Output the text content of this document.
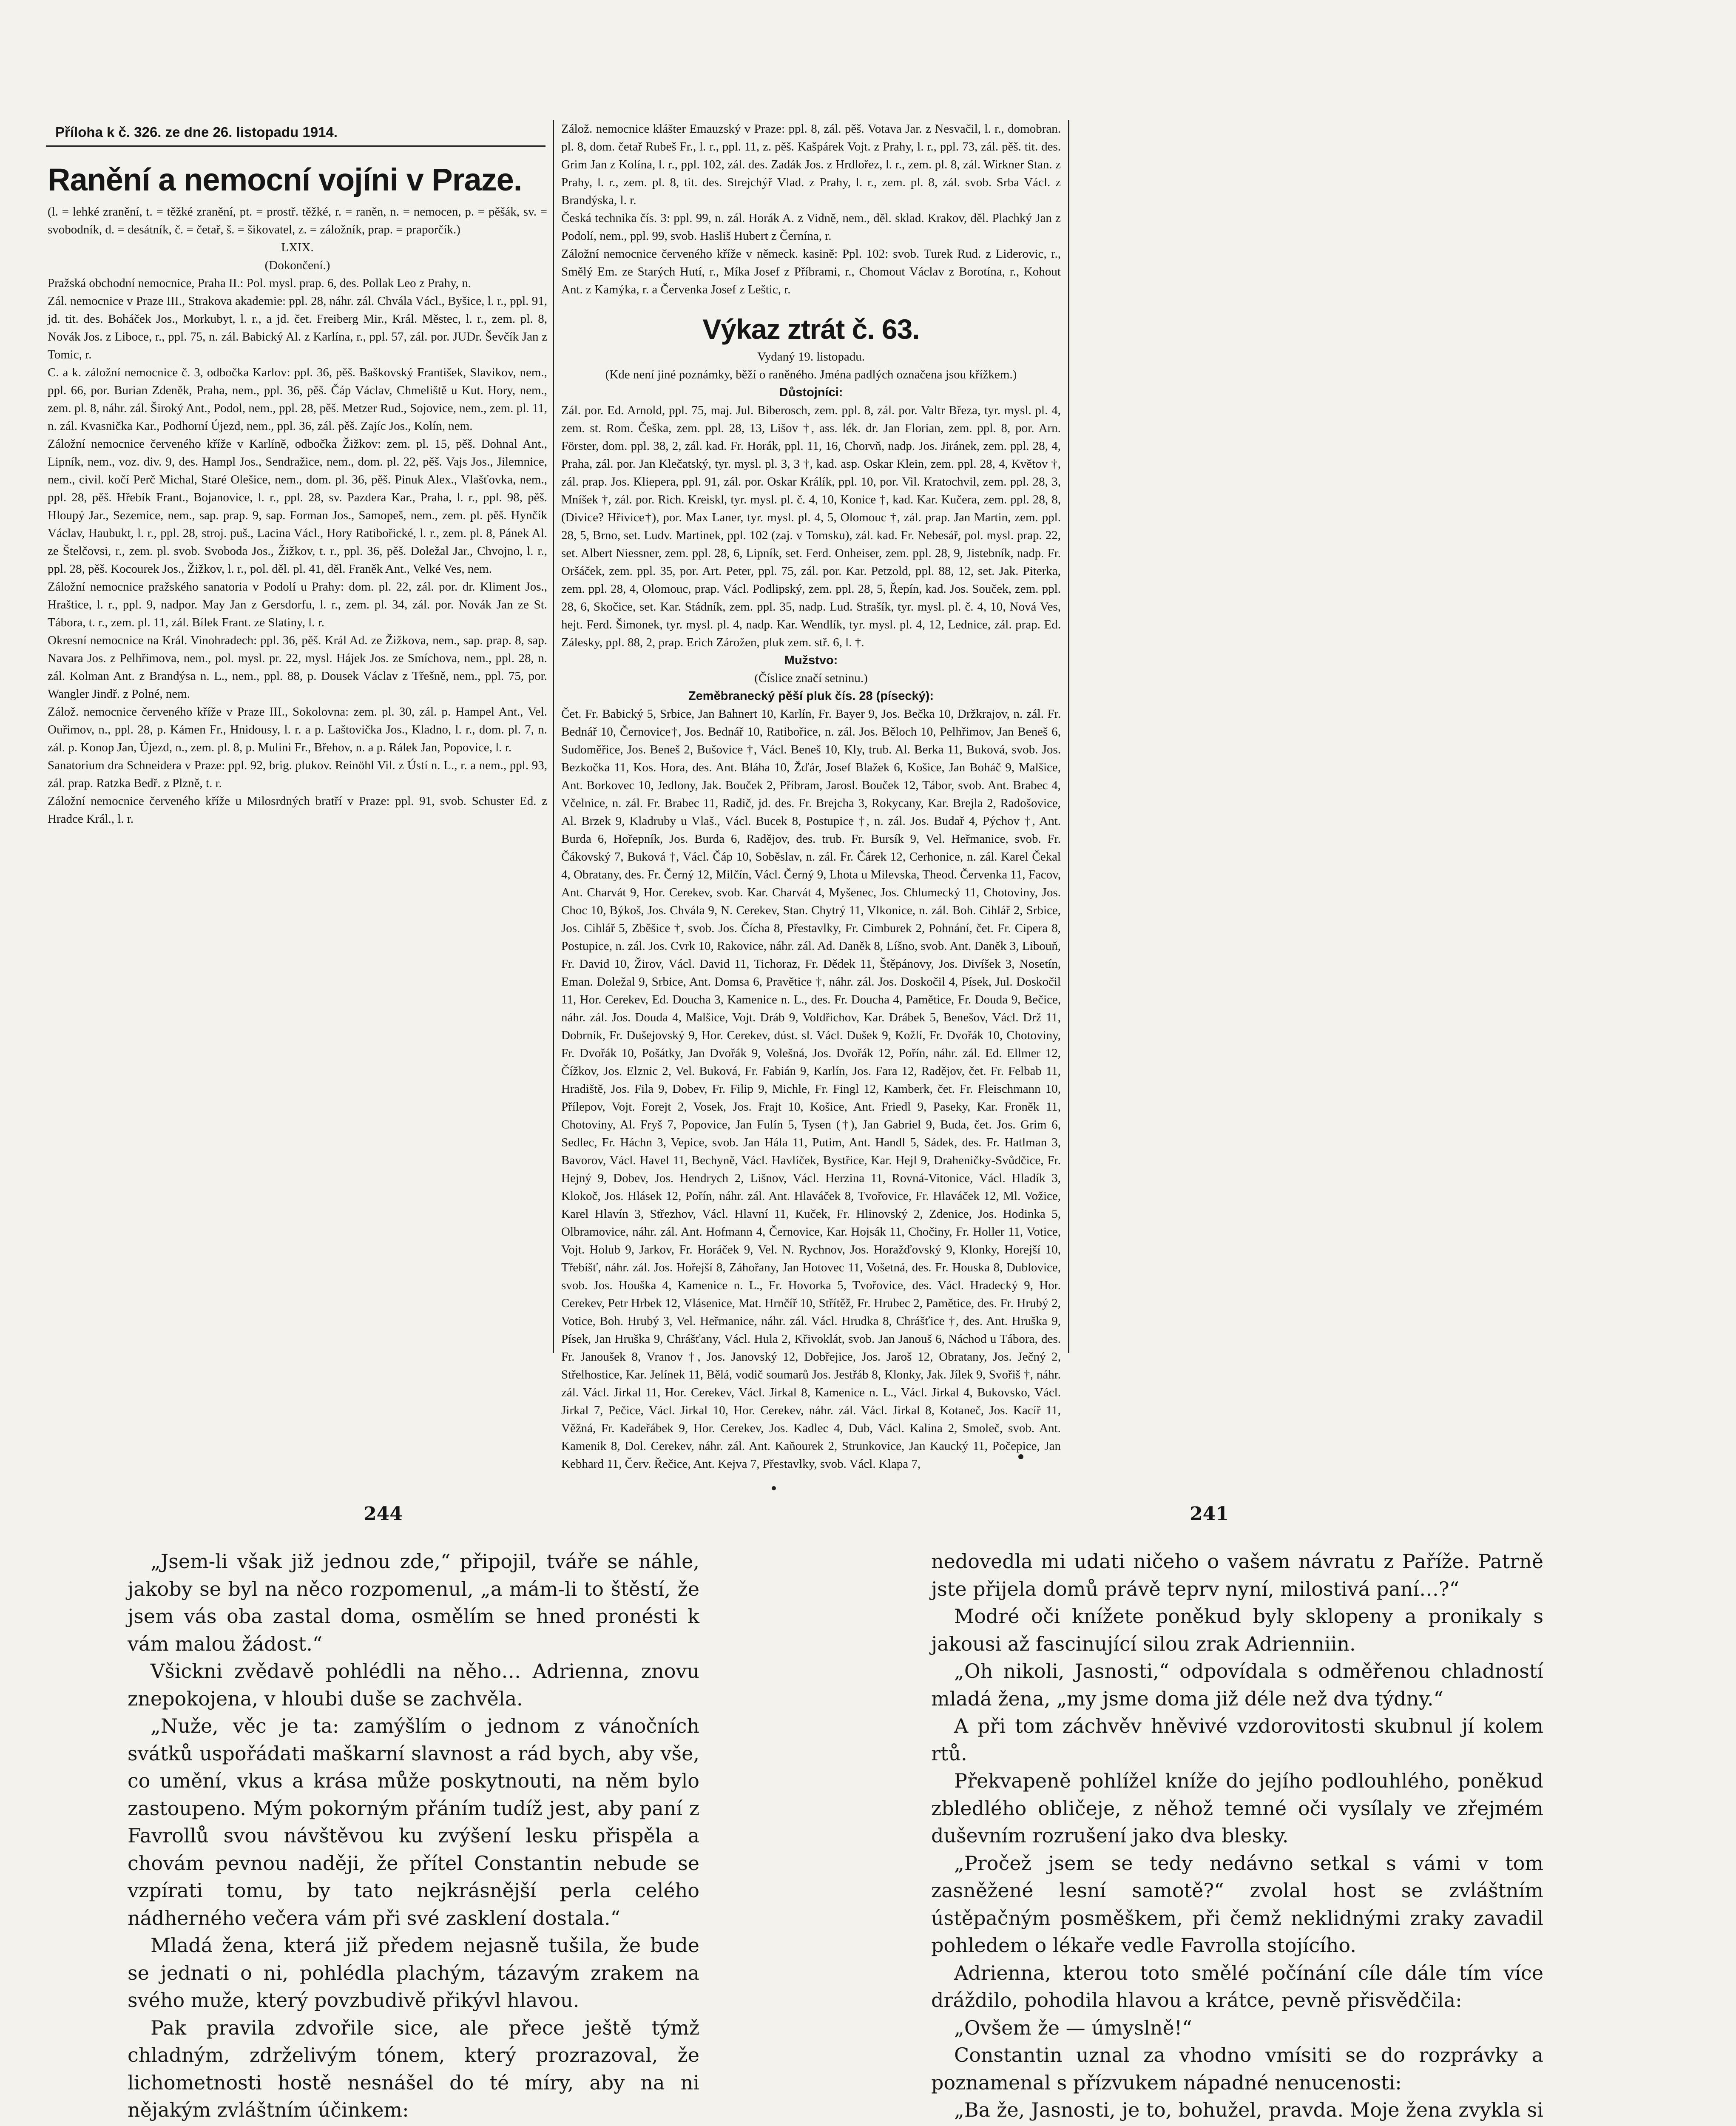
Příloha k č. 326. ze dne 26. listopadu 1914.
Ranění a nemocní vojíni v Praze.
(l. = lehké zranění, t. = těžké zranění, pt. = prostř. těžké, r. = raněn, n. = nemocen, p. = pěšák, sv. = svobodník, d. = desátník, č. = četař, š. = šikovatel, z. = záložník, prap. = praporčík.)
LXIX.
(Dokončení.)

Pražská obchodní nemocnice, Praha II.: Pol. mysl. prap. 6, des. Pollak Leo z Prahy, n.

Zál. nemocnice v Praze III., Strakova akademie: ppl. 28, náhr. zál. Chvála Václ., Byšice, l. r., ppl. 91, jd. tit. des. Boháček Jos., Morkubyt, l. r., a jd. čet. Freiberg Mir., Král. Městec, l. r., zem. pl. 8, Novák Jos. z Liboce, r., ppl. 75, n. zál. Babický Al. z Karlína, r., ppl. 57, zál. por. JUDr. Ševčík Jan z Tomic, r.

C. a k. záložní nemocnice č. 3, odbočka Karlov: ppl. 36, pěš. Baškovský František, Slavikov, nem., ppl. 66, por. Burian Zdeněk, Praha, nem., ppl. 36, pěš. Čáp Václav, Chmeliště u Kut. Hory, nem., zem. pl. 8, náhr. zál. Široký Ant., Podol, nem., ppl. 28, pěš. Metzer Rud., Sojovice, nem., zem. pl. 11, n. zál. Kvasnička Kar., Podhorní Újezd, nem., ppl. 36, zál. pěš. Zajíc Jos., Kolín, nem.

Záložní nemocnice červeného kříže v Karlíně, odbočka Žižkov: zem. pl. 15, pěš. Dohnal Ant., Lipník, nem., voz. div. 9, des. Hampl Jos., Sendražice, nem., dom. pl. 22, pěš. Vajs Jos., Jilemnice, nem., civil. kočí Perč Michal, Staré Olešice, nem., dom. pl. 36, pěš. Pinuk Alex., Vlašťovka, nem., ppl. 28, pěš. Hřebík Frant., Bojanovice, l. r., ppl. 28, sv. Pazdera Kar., Praha, l. r., ppl. 98, pěš. Hloupý Jar., Sezemice, nem., sap. prap. 9, sap. Forman Jos., Samopeš, nem., zem. pl. pěš. Hynčík Václav, Haubukt, l. r., ppl. 28, stroj. puš., Lacina Václ., Hory Ratibořické, l. r., zem. pl. 8, Pánek Al. ze Štelčovsi, r., zem. pl. svob. Svoboda Jos., Žižkov, t. r., ppl. 36, pěš. Doležal Jar., Chvojno, l. r., ppl. 28, pěš. Kocourek Jos., Žižkov, l. r., pol. děl. pl. 41, děl. Franěk Ant., Velké Ves, nem.

Záložní nemocnice pražského sanatoria v Podolí u Prahy: dom. pl. 22, zál. por. dr. Kliment Jos., Hraštice, l. r., ppl. 9, nadpor. May Jan z Gersdorfu, l. r., zem. pl. 34, zál. por. Novák Jan ze St. Tábora, t. r., zem. pl. 11, zál. Bílek Frant. ze Slatiny, l. r.

Okresní nemocnice na Král. Vinohradech: ppl. 36, pěš. Král Ad. ze Žižkova, nem., sap. prap. 8, sap. Navara Jos. z Pelhřimova, nem., pol. mysl. pr. 22, mysl. Hájek Jos. ze Smíchova, nem., ppl. 28, n. zál. Kolman Ant. z Brandýsa n. L., nem., ppl. 88, p. Dousek Václav z Třešně, nem., ppl. 75, por. Wangler Jindř. z Polné, nem.

Zálož. nemocnice červeného kříže v Praze III., Sokolovna: zem. pl. 30, zál. p. Hampel Ant., Vel. Ouřimov, n., ppl. 28, p. Kámen Fr., Hnidousy, l. r. a p. Laštovička Jos., Kladno, l. r., dom. pl. 7, n. zál. p. Konop Jan, Újezd, n., zem. pl. 8, p. Mulini Fr., Břehov, n. a p. Rálek Jan, Popovice, l. r.

Sanatorium dra Schneidera v Praze: ppl. 92, brig. plukov. Reinöhl Vil. z Ústí n. L., r. a nem., ppl. 93, zál. prap. Ratzka Bedř. z Plzně, t. r.

Záložní nemocnice červeného kříže u Milosrdných bratří v Praze: ppl. 91, svob. Schuster Ed. z Hradce Král., l. r.

Zálož. nemocnice klášter Emauzský v Praze: ppl. 8, zál. pěš. Votava Jar. z Nesvačil, l. r., domobran. pl. 8, dom. četař Rubeš Fr., l. r., ppl. 11, z. pěš. Kašpárek Vojt. z Prahy, l. r., ppl. 73, zál. pěš. tit. des. Grim Jan z Kolína, l. r., ppl. 102, zál. des. Zadák Jos. z Hrdlořez, l. r., zem. pl. 8, zál. Wirkner Stan. z Prahy, l. r., zem. pl. 8, tit. des. Strejchýř Vlad. z Prahy, l. r., zem. pl. 8, zál. svob. Srba Václ. z Brandýska, l. r.

Česká technika čís. 3: ppl. 99, n. zál. Horák A. z Vidně, nem., děl. sklad. Krakov, děl. Plachký Jan z Podolí, nem., ppl. 99, svob. Hasliš Hubert z Černína, r.

Záložní nemocnice červeného kříže v německ. kasině: Ppl. 102: svob. Turek Rud. z Liderovic, r., Smělý Em. ze Starých Hutí, r., Míka Josef z Příbrami, r., Chomout Václav z Borotína, r., Kohout Ant. z Kamýka, r. a Červenka Josef z Leštic, r.

Výkaz ztrát č. 63.
Vydaný 19. listopadu.
(Kde není jiné poznámky, běží o raněného. Jména padlých označena jsou křížkem.)
Důstojníci:
Zál. por. Ed. Arnold, ppl. 75, maj. Jul. Biberosch, zem. ppl. 8, zál. por. Valtr Březa, tyr. mysl. pl. 4, zem. st. Rom. Češka, zem. ppl. 28, 13, Lišov †, ass. lék. dr. Jan Florian, zem. ppl. 8, por. Arn. Förster, dom. ppl. 38, 2, zál. kad. Fr. Horák, ppl. 11, 16, Chorvň, nadp. Jos. Jiránek, zem. ppl. 28, 4, Praha, zál. por. Jan Klečatský, tyr. mysl. pl. 3, 3 †, kad. asp. Oskar Klein, zem. ppl. 28, 4, Květov †, zál. prap. Jos. Kliepera, ppl. 91, zál. por. Oskar Králík, ppl. 10, por. Vil. Kratochvil, zem. ppl. 28, 3, Mníšek †, zál. por. Rich. Kreiskl, tyr. mysl. pl. č. 4, 10, Konice †, kad. Kar. Kučera, zem. ppl. 28, 8, (Divice? Hřivice†), por. Max Laner, tyr. mysl. pl. 4, 5, Olomouc †, zál. prap. Jan Martin, zem. ppl. 28, 5, Brno, set. Ludv. Martinek, ppl. 102 (zaj. v Tomsku), zál. kad. Fr. Nebesář, pol. mysl. prap. 22, set. Albert Niessner, zem. ppl. 28, 6, Lipník, set. Ferd. Onheiser, zem. ppl. 28, 9, Jistebník, nadp. Fr. Oršáček, zem. ppl. 35, por. Art. Peter, ppl. 75, zál. por. Kar. Petzold, ppl. 88, 12, set. Jak. Piterka, zem. ppl. 28, 4, Olomouc, prap. Václ. Podlipský, zem. ppl. 28, 5, Řepín, kad. Jos. Souček, zem. ppl. 28, 6, Skočice, set. Kar. Stádník, zem. ppl. 35, nadp. Lud. Strašík, tyr. mysl. pl. č. 4, 10, Nová Ves, hejt. Ferd. Šimonek, tyr. mysl. pl. 4, nadp. Kar. Wendlík, tyr. mysl. pl. 4, 12, Lednice, zál. prap. Ed. Zálesky, ppl. 88, 2, prap. Erich Zárožen, pluk zem. stř. 6, l. †.
Mužstvo:
(Číslice značí setninu.)
Zeměbranecký pěší pluk čís. 28 (písecký):
Čet. Fr. Babický 5, Srbice, Jan Bahnert 10, Karlín, Fr. Bayer 9, Jos. Bečka 10, Držkrajov, n. zál. Fr. Bednář 10, Černovice†, Jos. Bednář 10, Ratibořice, n. zál. Jos. Běloch 10, Pelhřimov, Jan Beneš 6, Sudoměřice, Jos. Beneš 2, Bušovice †, Václ. Beneš 10, Kly, trub. Al. Berka 11, Buková, svob. Jos. Bezkočka 11, Kos. Hora, des. Ant. Bláha 10, Žďár, Josef Blažek 6, Košice, Jan Boháč 9, Malšice, Ant. Borkovec 10, Jedlony, Jak. Bouček 2, Příbram, Jarosl. Bouček 12, Tábor, svob. Ant. Brabec 4, Včelnice, n. zál. Fr. Brabec 11, Radič, jd. des. Fr. Brejcha 3, Rokycany, Kar. Brejla 2, Radošovice, Al. Brzek 9, Kladruby u Vlaš., Václ. Bucek 8, Postupice †, n. zál. Jos. Budař 4, Pýchov †, Ant. Burda 6, Hořepník, Jos. Burda 6, Radějov, des. trub. Fr. Bursík 9, Vel. Heřmanice, svob. Fr. Čákovský 7, Buková †, Václ. Čáp 10, Soběslav, n. zál. Fr. Čárek 12, Cerhonice, n. zál. Karel Čekal 4, Obratany, des. Fr. Černý 12, Milčín, Václ. Černý 9, Lhota u Milevska, Theod. Červenka 11, Facov, Ant. Charvát 9, Hor. Cerekev, svob. Kar. Charvát 4, Myšenec, Jos. Chlumecký 11, Chotoviny, Jos. Choc 10, Býkoš, Jos. Chvála 9, N. Cerekev, Stan. Chytrý 11, Vlkonice, n. zál. Boh. Cihlář 2, Srbice, Jos. Cihlář 5, Zběšice †, svob. Jos. Čícha 8, Přestavlky, Fr. Cimburek 2, Pohnání, čet. Fr. Cipera 8, Postupice, n. zál. Jos. Cvrk 10, Rakovice, náhr. zál. Ad. Daněk 8, Líšno, svob. Ant. Daněk 3, Libouň, Fr. David 10, Žirov, Václ. David 11, Tichoraz, Fr. Dědek 11, Štěpánovy, Jos. Divíšek 3, Nosetín, Eman. Doležal 9, Srbice, Ant. Domsa 6, Pravětice †, náhr. zál. Jos. Doskočil 4, Písek, Jul. Doskočil 11, Hor. Cerekev, Ed. Doucha 3, Kamenice n. L., des. Fr. Doucha 4, Pamětice, Fr. Douda 9, Bečice, náhr. zál. Jos. Douda 4, Malšice, Vojt. Dráb 9, Voldřichov, Kar. Drábek 5, Benešov, Václ. Drž 11, Dobrník, Fr. Dušejovský 9, Hor. Cerekev, dúst. sl. Václ. Dušek 9, Kožlí, Fr. Dvořák 10, Chotoviny, Fr. Dvořák 10, Pošátky, Jan Dvořák 9, Volešná, Jos. Dvořák 12, Pořín, náhr. zál. Ed. Ellmer 12, Čížkov, Jos. Elznic 2, Vel. Buková, Fr. Fabián 9, Karlín, Jos. Fara 12, Radějov, čet. Fr. Felbab 11, Hradiště, Jos. Fila 9, Dobev, Fr. Filip 9, Michle, Fr. Fingl 12, Kamberk, čet. Fr. Fleischmann 10, Přílepov, Vojt. Forejt 2, Vosek, Jos. Frajt 10, Košice, Ant. Friedl 9, Paseky, Kar. Froněk 11, Chotoviny, Al. Fryš 7, Popovice, Jan Fulín 5, Tysen (†), Jan Gabriel 9, Buda, čet. Jos. Grim 6, Sedlec, Fr. Háchn 3, Vepice, svob. Jan Hála 11, Putim, Ant. Handl 5, Sádek, des. Fr. Hatlman 3, Bavorov, Václ. Havel 11, Bechyně, Václ. Havlíček, Bystřice, Kar. Hejl 9, Draheničky-Svůdčice, Fr. Hejný 9, Dobev, Jos. Hendrych 2, Lišnov, Václ. Herzina 11, Rovná-Vitonice, Václ. Hladík 3, Klokoč, Jos. Hlásek 12, Pořín, náhr. zál. Ant. Hlaváček 8, Tvořovice, Fr. Hlaváček 12, Ml. Vožice, Karel Hlavín 3, Střezhov, Václ. Hlavní 11, Kuček, Fr. Hlinovský 2, Zdenice, Jos. Hodinka 5, Olbramovice, náhr. zál. Ant. Hofmann 4, Černovice, Kar. Hojsák 11, Chočiny, Fr. Holler 11, Votice, Vojt. Holub 9, Jarkov, Fr. Horáček 9, Vel. N. Rychnov, Jos. Horažďovský 9, Klonky, Horejší 10, Třebíšť, náhr. zál. Jos. Hořejší 8, Záhořany, Jan Hotovec 11, Vošetná, des. Fr. Houska 8, Dublovice, svob. Jos. Houška 4, Kamenice n. L., Fr. Hovorka 5, Tvořovice, des. Václ. Hradecký 9, Hor. Cerekev, Petr Hrbek 12, Vlásenice, Mat. Hrnčíř 10, Střítěž, Fr. Hrubec 2, Pamětice, des. Fr. Hrubý 2, Votice, Boh. Hrubý 3, Vel. Heřmanice, náhr. zál. Václ. Hrudka 8, Chrášťice †, des. Ant. Hruška 9, Písek, Jan Hruška 9, Chrášťany, Václ. Hula 2, Křivoklát, svob. Jan Janouš 6, Náchod u Tábora, des. Fr. Janoušek 8, Vranov †, Jos. Janovský 12, Dobřejice, Jos. Jaroš 12, Obratany, Jos. Ječný 2, Střelhostice, Kar. Jelínek 11, Bělá, vodič soumarů Jos. Jestřáb 8, Klonky, Jak. Jílek 9, Svořiš †, náhr. zál. Václ. Jirkal 11, Hor. Cerekev, Václ. Jirkal 8, Kamenice n. L., Václ. Jirkal 4, Bukovsko, Václ. Jirkal 7, Pečice, Václ. Jirkal 10, Hor. Cerekev, náhr. zál. Václ. Jirkal 8, Kotaneč, Jos. Kacíř 11, Věžná, Fr. Kadeřábek 9, Hor. Cerekev, Jos. Kadlec 4, Dub, Václ. Kalina 2, Smoleč, svob. Ant. Kamenik 8, Dol. Cerekev, náhr. zál. Ant. Kaňourek 2, Strunkovice, Jan Kaucký 11, Počepice, Jan Kebhard 11, Červ. Řečice, Ant. Kejva 7, Přestavlky, svob. Václ. Klapa 7,
244	241

„Jsem-li však již jednou zde,“ připojil, tváře se náhle, jakoby se byl na něco rozpomenul, „a mám-li to štěstí, že jsem vás oba zastal doma, osmělím se hned pronésti k vám malou žádost.“

Všickni zvědavě pohlédli na něho… Adrienna, znovu znepokojena, v hloubi duše se zachvěla.

„Nuže, věc je ta: zamýšlím o jednom z vánočních svátků uspořádati maškarní slavnost a rád bych, aby vše, co umění, vkus a krása může poskytnouti, na něm bylo zastoupeno. Mým pokorným přáním tudíž jest, aby paní z Favrollů svou návštěvou ku zvýšení lesku přispěla a chovám pevnou naději, že přítel Constantin nebude se vzpírati tomu, by tato nejkrásnější perla celého nádherného večera vám při své zasklení dostala.“

Mladá žena, která již předem nejasně tušila, že bude se jednati o ni, pohlédla plachým, tázavým zrakem na svého muže, který povzbudivě přikývl hlavou.

Pak pravila zdvořile sice, ale přece ještě týmž chladným, zdrželivým tónem, který prozrazoval, že lichometnosti hostě nesnášel do té míry, aby na ni nějakým zvláštním účinkem:

nedovedla mi udati ničeho o vašem návratu z Paříže. Patrně jste přijela domů právě teprv nyní, milostivá paní…?“

Modré oči knížete poněkud byly sklopeny a pronikaly s jakousi až fascinující silou zrak Adrienniin.

„Oh nikoli, Jasnosti,“ odpovídala s odměřenou chladností mladá žena, „my jsme doma již déle než dva týdny.“

A při tom záchvěv hněvivé vzdorovitosti skubnul jí kolem rtů.

Překvapeně pohlížel kníže do jejího podlouhlého, poněkud zbledlého obličeje, z něhož temné oči vysílaly ve zřejmém duševním rozrušení jako dva blesky.

„Pročež jsem se tedy nedávno setkal s vámi v tom zasněžené lesní samotě?“ zvolal host se zvláštním ústěpačným posměškem, při čemž neklidnými zraky zavadil pohledem o lékaře vedle Favrolla stojícího.

Adrienna, kterou toto smělé počínání cíle dále tím více dráždilo, pohodila hlavou a krátce, pevně přisvědčila:

„Ovšem že — úmyslně!“

Constantin uznal za vhodno vmísiti se do rozprávky a poznamenal s přízvukem nápadné nenucenosti:

„Ba že, Jasnosti, je to, bohužel, pravda. Moje žena zvykla si
